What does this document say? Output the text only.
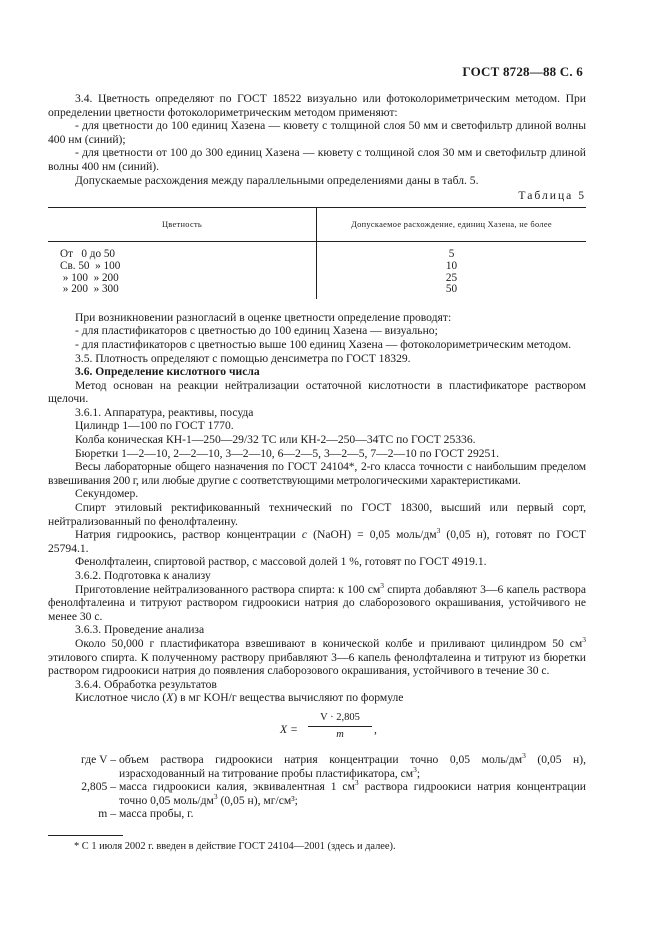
ГОСТ 8728—88 С. 6

3.4. Цветность определяют по ГОСТ 18522 визуально или фотоколориметрическим методом. При определении цветности фотоколориметрическим методом применяют:

- для цветности до 100 единиц Хазена — кювету с толщиной слоя 50 мм и светофильтр длиной волны 400 нм (синий);

- для цветности от 100 до 300 единиц Хазена — кювету с толщиной слоя 30 мм и светофильтр длиной волны 400 нм (синий).

Допускаемые расхождения между параллельными определениями даны в табл. 5.

Таблица 5
Цветность	Допускаемое расхождение, единиц Хазена, не более
От   0 до 50	5
Св. 50  » 100	10
» 100  » 200	25
» 200  » 300	50

При возникновении разногласий в оценке цветности определение проводят:

- для пластификаторов с цветностью до 100 единиц Хазена — визуально;

- для пластификаторов с цветностью выше 100 единиц Хазена — фотоколориметрическим методом.

3.5. Плотность определяют с помощью денсиметра по ГОСТ 18329.

3.6. Определение кислотного числа

Метод основан на реакции нейтрализации остаточной кислотности в пластификаторе раствором щелочи.

3.6.1. Аппаратура, реактивы, посуда

Цилиндр 1—100 по ГОСТ 1770.

Колба коническая КН-1—250—29/32 ТС или КН-2—250—34ТС по ГОСТ 25336.

Бюретки 1—2—10, 2—2—10, 3—2—10, 6—2—5, 3—2—5, 7—2—10 по ГОСТ 29251.

Весы лабораторные общего назначения по ГОСТ 24104*, 2-го класса точности с наибольшим пределом взвешивания 200 г, или любые другие с соответствующими метрологическими характеристиками.

Секундомер.

Спирт этиловый ректификованный технический по ГОСТ 18300, высший или первый сорт, нейтрализованный по фенолфталеину.

Натрия гидроокись, раствор концентрации c (NaOH) = 0,05 моль/$дм^3$ (0,05 н), готовят по ГОСТ 25794.1.

Фенолфталеин, спиртовой раствор, с массовой долей 1 %, готовят по ГОСТ 4919.1.

3.6.2. Подготовка к анализу

Приготовление нейтрализованного раствора спирта: к 100 $см^3$ спирта добавляют 3—6 капель раствора фенолфталеина и титруют раствором гидроокиси натрия до слаборозового окрашивания, устойчивого не менее 30 с.

3.6.3. Проведение анализа

Около 50,000 г пластификатора взвешивают в конической колбе и приливают цилиндром 50 $см^3$ этилового спирта. К полученному раствору прибавляют 3—6 капель фенолфталеина и титруют из бюретки раствором гидроокиси натрия до появления слаборозового окрашивания, устойчивого в течение 30 с.

3.6.4. Обработка результатов

Кислотное число (X) в мг KOH/г вещества вычисляют по формуле

$X = \frac{V \cdot 2,805}{m}$ ,
где V – объем раствора гидроокиси натрия концентрации точно 0,05 моль/$дм^3$ (0,05 н), израсходованный на титрование пробы пластификатора, $см^3$;
2,805 – масса гидроокиси калия, эквивалентная 1 $см^3$ раствора гидроокиси натрия концентрации точно 0,05 моль/$дм^3$ (0,05 н), мг/см³;
m – масса пробы, г.
* С 1 июля 2002 г. введен в действие ГОСТ 24104—2001 (здесь и далее).
